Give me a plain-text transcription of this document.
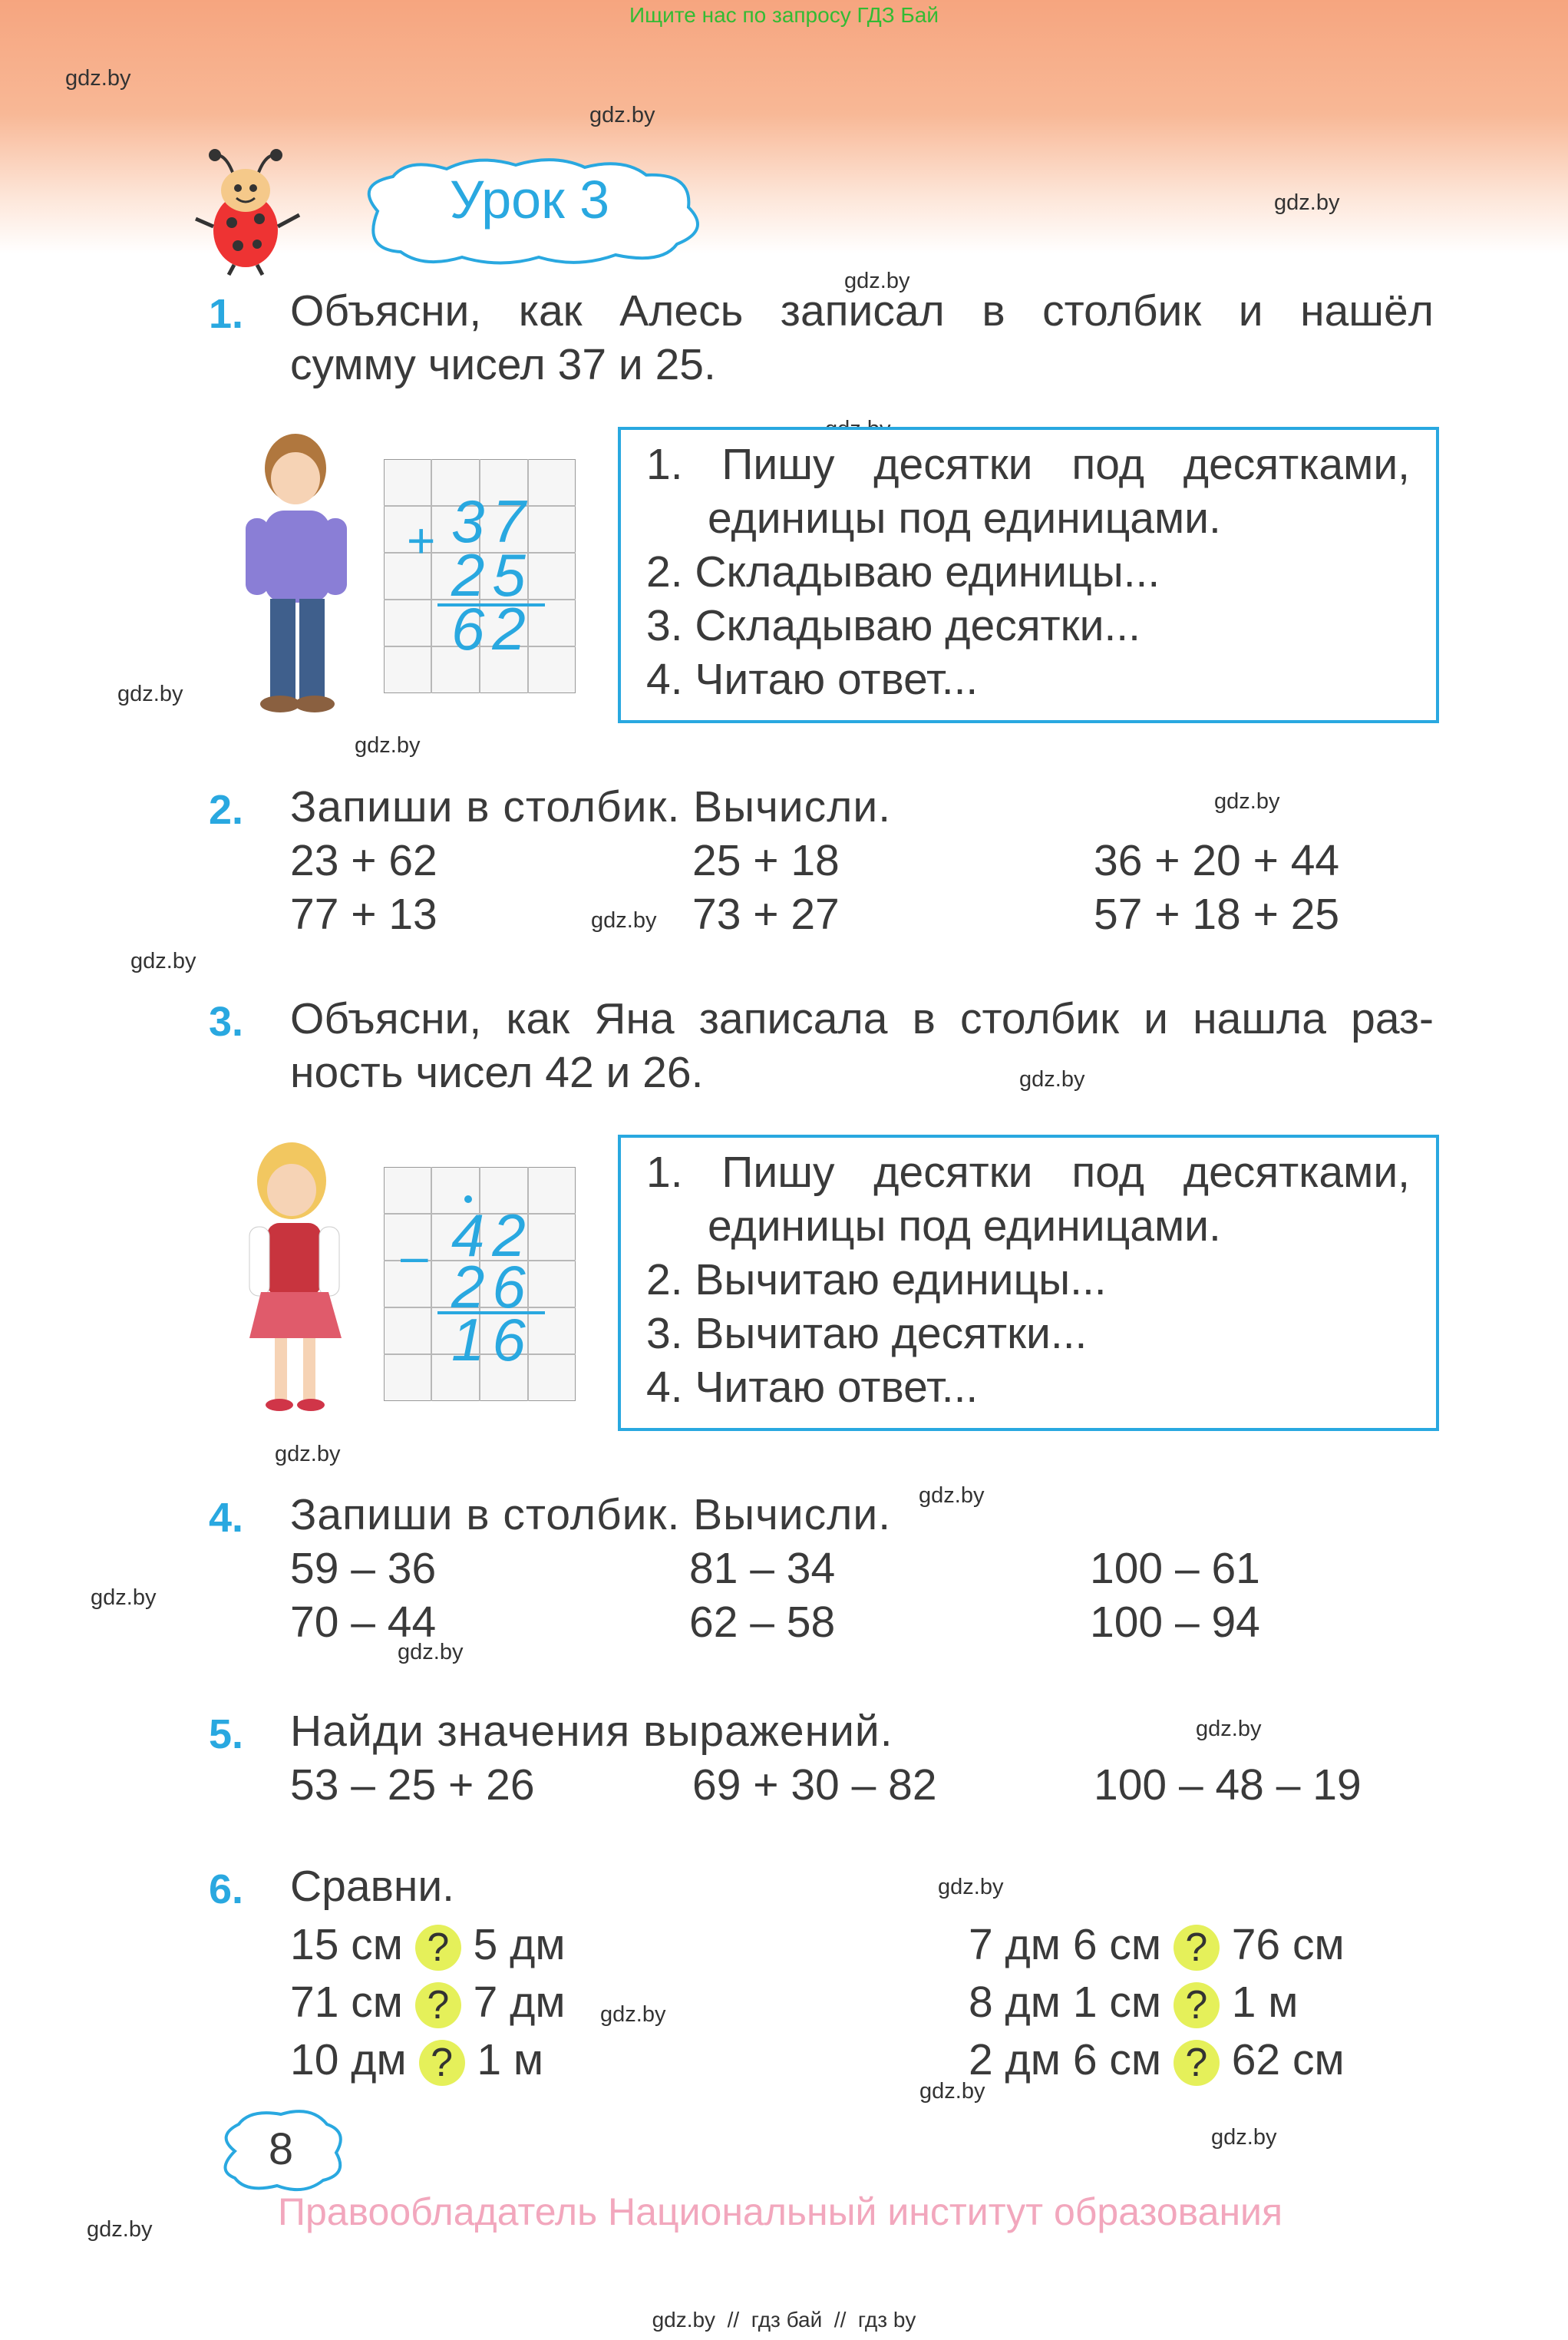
Ищите нас по запросу ГДЗ Бай
Урок 3
gdz.by
gdz.by
gdz.by
gdz.by
gdz.by
gdz.by
gdz.by
gdz.by
gdz.by
gdz.by
gdz.by
gdz.by
gdz.by
gdz.by
gdz.by
gdz.by
gdz.by
gdz.by
gdz.by
gdz.by
1. Объясни, как Алесь записал в столбик и нашёл
сумму чисел 37 и 25.
+ 37
25
62
1. Пишу десятки под десятками,
единицы под единицами.
2. Складываю единицы...
3. Складываю десятки...
4. Читаю ответ...
2. Запиши в столбик. Вычисли.
23 + 62	25 + 18	36 + 20 + 44
77 + 13	73 + 27	57 + 18 + 25
3. Объясни, как Яна записала в столбик и нашла раз-
ность чисел 42 и 26.
– 42
26
16
1. Пишу десятки под десятками,
единицы под единицами.
2. Вычитаю единицы...
3. Вычитаю десятки...
4. Читаю ответ...
4. Запиши в столбик. Вычисли.
59 – 36	81 – 34	100 – 61
70 – 44	62 – 58	100 – 94
5. Найди значения выражений.
53 – 25 + 26	69 + 30 – 82	100 – 48 – 19
6. Сравни.
15 см ? 5 дм	7 дм 6 см ? 76 см
71 см ? 7 дм	8 дм 1 см ? 1 м
10 дм ? 1 м	2 дм 6 см ? 62 см
8
Правообладатель Национальный институт образования
gdz.by  //  гдз бай  //  гдз by
